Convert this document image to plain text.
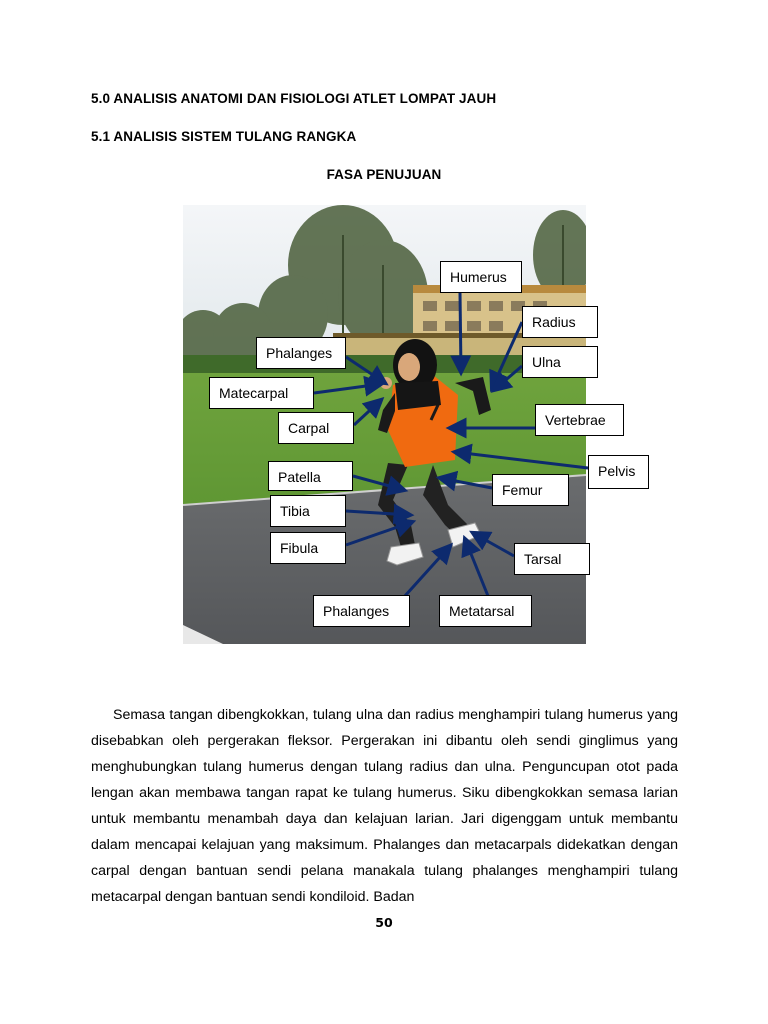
5.0 ANALISIS ANATOMI DAN FISIOLOGI ATLET LOMPAT JAUH
5.1 ANALISIS SISTEM TULANG RANGKA
FASA PENUJUAN
Humerus
Radius
Phalanges
Ulna
Matecarpal
Vertebrae
Carpal
Pelvis
Patella
Femur
Tibia
Fibula
Tarsal
Phalanges	Metatarsal

Semasa tangan dibengkokkan, tulang ulna dan radius menghampiri tulang humerus yang disebabkan oleh pergerakan fleksor. Pergerakan ini dibantu oleh sendi ginglimus yang menghubungkan tulang humerus dengan tulang radius dan ulna. Penguncupan otot pada lengan akan membawa tangan rapat ke tulang humerus. Siku dibengkokkan semasa larian untuk membantu menambah daya dan kelajuan larian. Jari digenggam untuk membantu dalam mencapai kelajuan yang maksimum. Phalanges dan metacarpals didekatkan dengan carpal dengan bantuan sendi pelana manakala tulang phalanges menghampiri tulang metacarpal dengan bantuan sendi kondiloid. Badan

50
